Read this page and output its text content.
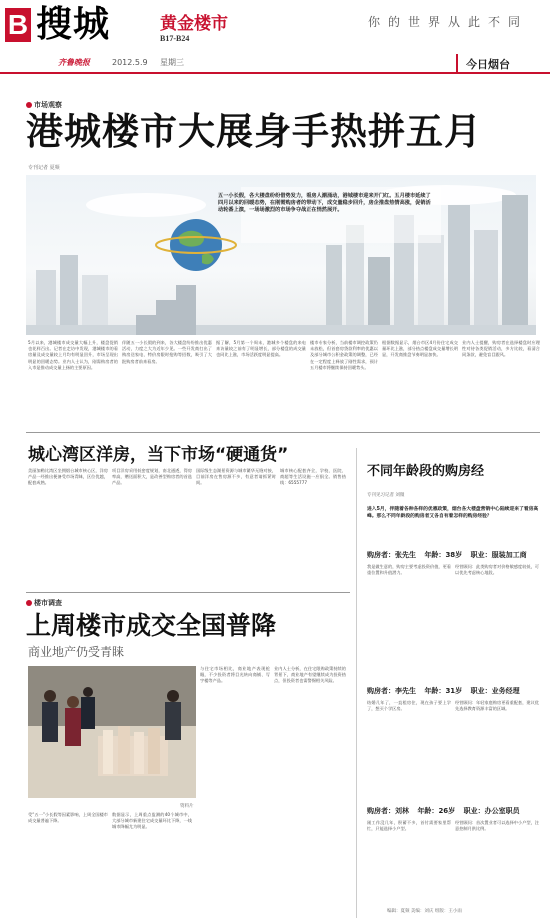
B 搜城	黄金楼市
B17-B24
你的世界从此不同
齐鲁晚报	2012.5.9 星期三	今日烟台
市场观察
港城楼市大展身手热拼五月
专刊记者 夏频
五一小长假，各大楼盘纷纷借势发力，看房人潮涌动，港城楼市迎来开门红。五月楼市延续了四月以来的回暖态势，在刚需购房者的带动下，成交量稳步回升，房企推盘热情高涨，促销活动轮番上演，一场场激烈的市场争夺战正在悄然展开。
5月以来，港城楼市成交量大幅上升，楼盘促销也花样百出。记者在走访中发现，港城楼市的看房量及成交量较上月均有明显回升，市场呈现出明显的回暖态势。业内人士认为，刚需购房者的入市是推动成交量上扬的主要原因。
伴随五一小长假的到来，各大楼盘纷纷推出优惠活动，力度之大为近年少见。一些开发商打出了购房送家电、特价房限时抢购等招数，吸引了大批购房者前来看房。
据了解，5月第一个周末，港城多个楼盘的来电来访量较之前有了明显增长，部分楼盘的成交量也同比上涨，市场活跃度明显提高。
楼市专家分析，当前楼市调控政策仍未放松，但首套房贷款利率的优惠以及部分城市公积金政策的调整，已经在一定程度上释放了刚性需求，预计五月楼市将继续保持回暖势头。
根据数据显示，烟台市区4月份住宅成交量环比上涨，部分热点楼盘成交量增长明显，开发商推盘节奏明显加快。
业内人士提醒，购房者在选择楼盘时应理性对待各类促销活动，多方比较，看清合同条款，避免盲目跟风。
城心湾区洋房，当下市场“硬通货”
美丽加勒比湾区坐拥烟台城市核心区，洋房产品一经推出便备受市场青睐，区位优越，配套成熟。
项目洋房采用低密度规划，南北通透，得房率高，赠送面积大，是改善型购房者的首选产品。
国际级生态湖景资源与城市繁华无缝对接，目前洋房在售房源不多，有意者请抓紧时间。
城市核心配套齐全，学校、医院、商超等生活设施一应俱全。销售热线：6555777
不同年龄段的购房经
专刊见习记者 刘微
进入5月，伴随着各种各样的优惠政策，烟台各大楼盘营销中心陆续迎来了看房高峰。那么不同年龄段的购房者又各自有着怎样的购房经验？
购房者：张先生 年龄：38岁 职业：服装加工商
我是做生意的，购房主要考虑投资价值，更看重位置和升值潜力。
经营顾问：此类购房者对价格敏感度较低，可以优先考虑核心地段。
购房者：李先生 年龄：31岁 职业：业务经理
结婚几年了，一直租房住，现在孩子要上学了，想买个学区房。
经营顾问：年轻家庭购房更看重配套，建议优先选择教育资源丰富的区域。
购房者：刘林 年龄：26岁 职业：办公室职员
刚工作没几年，积蓄不多，首付需要家里帮忙，只能选择小户型。
经营顾问：首次置业者可以选择中小户型，注意控制月供比例。
编辑：夏频 美编：刘庆 组版：王小雨
楼市调查
上周楼市成交全国普降
商业地产仍受青睐
资料片
受“五一”小长假等因素影响，上周全国楼市成交量普遍下降。
数据显示，上周重点监测的40个城市中，大部分城市新建住宅成交量环比下降，一线城市降幅尤为明显。
与住宅市场相比，商业地产表现抢眼，不少投资者将目光转向商铺、写字楼等产品。
业内人士分析，在住宅限购政策持续的背景下，商业地产有望继续成为投资热点，但投资者也需警惕相关风险。
